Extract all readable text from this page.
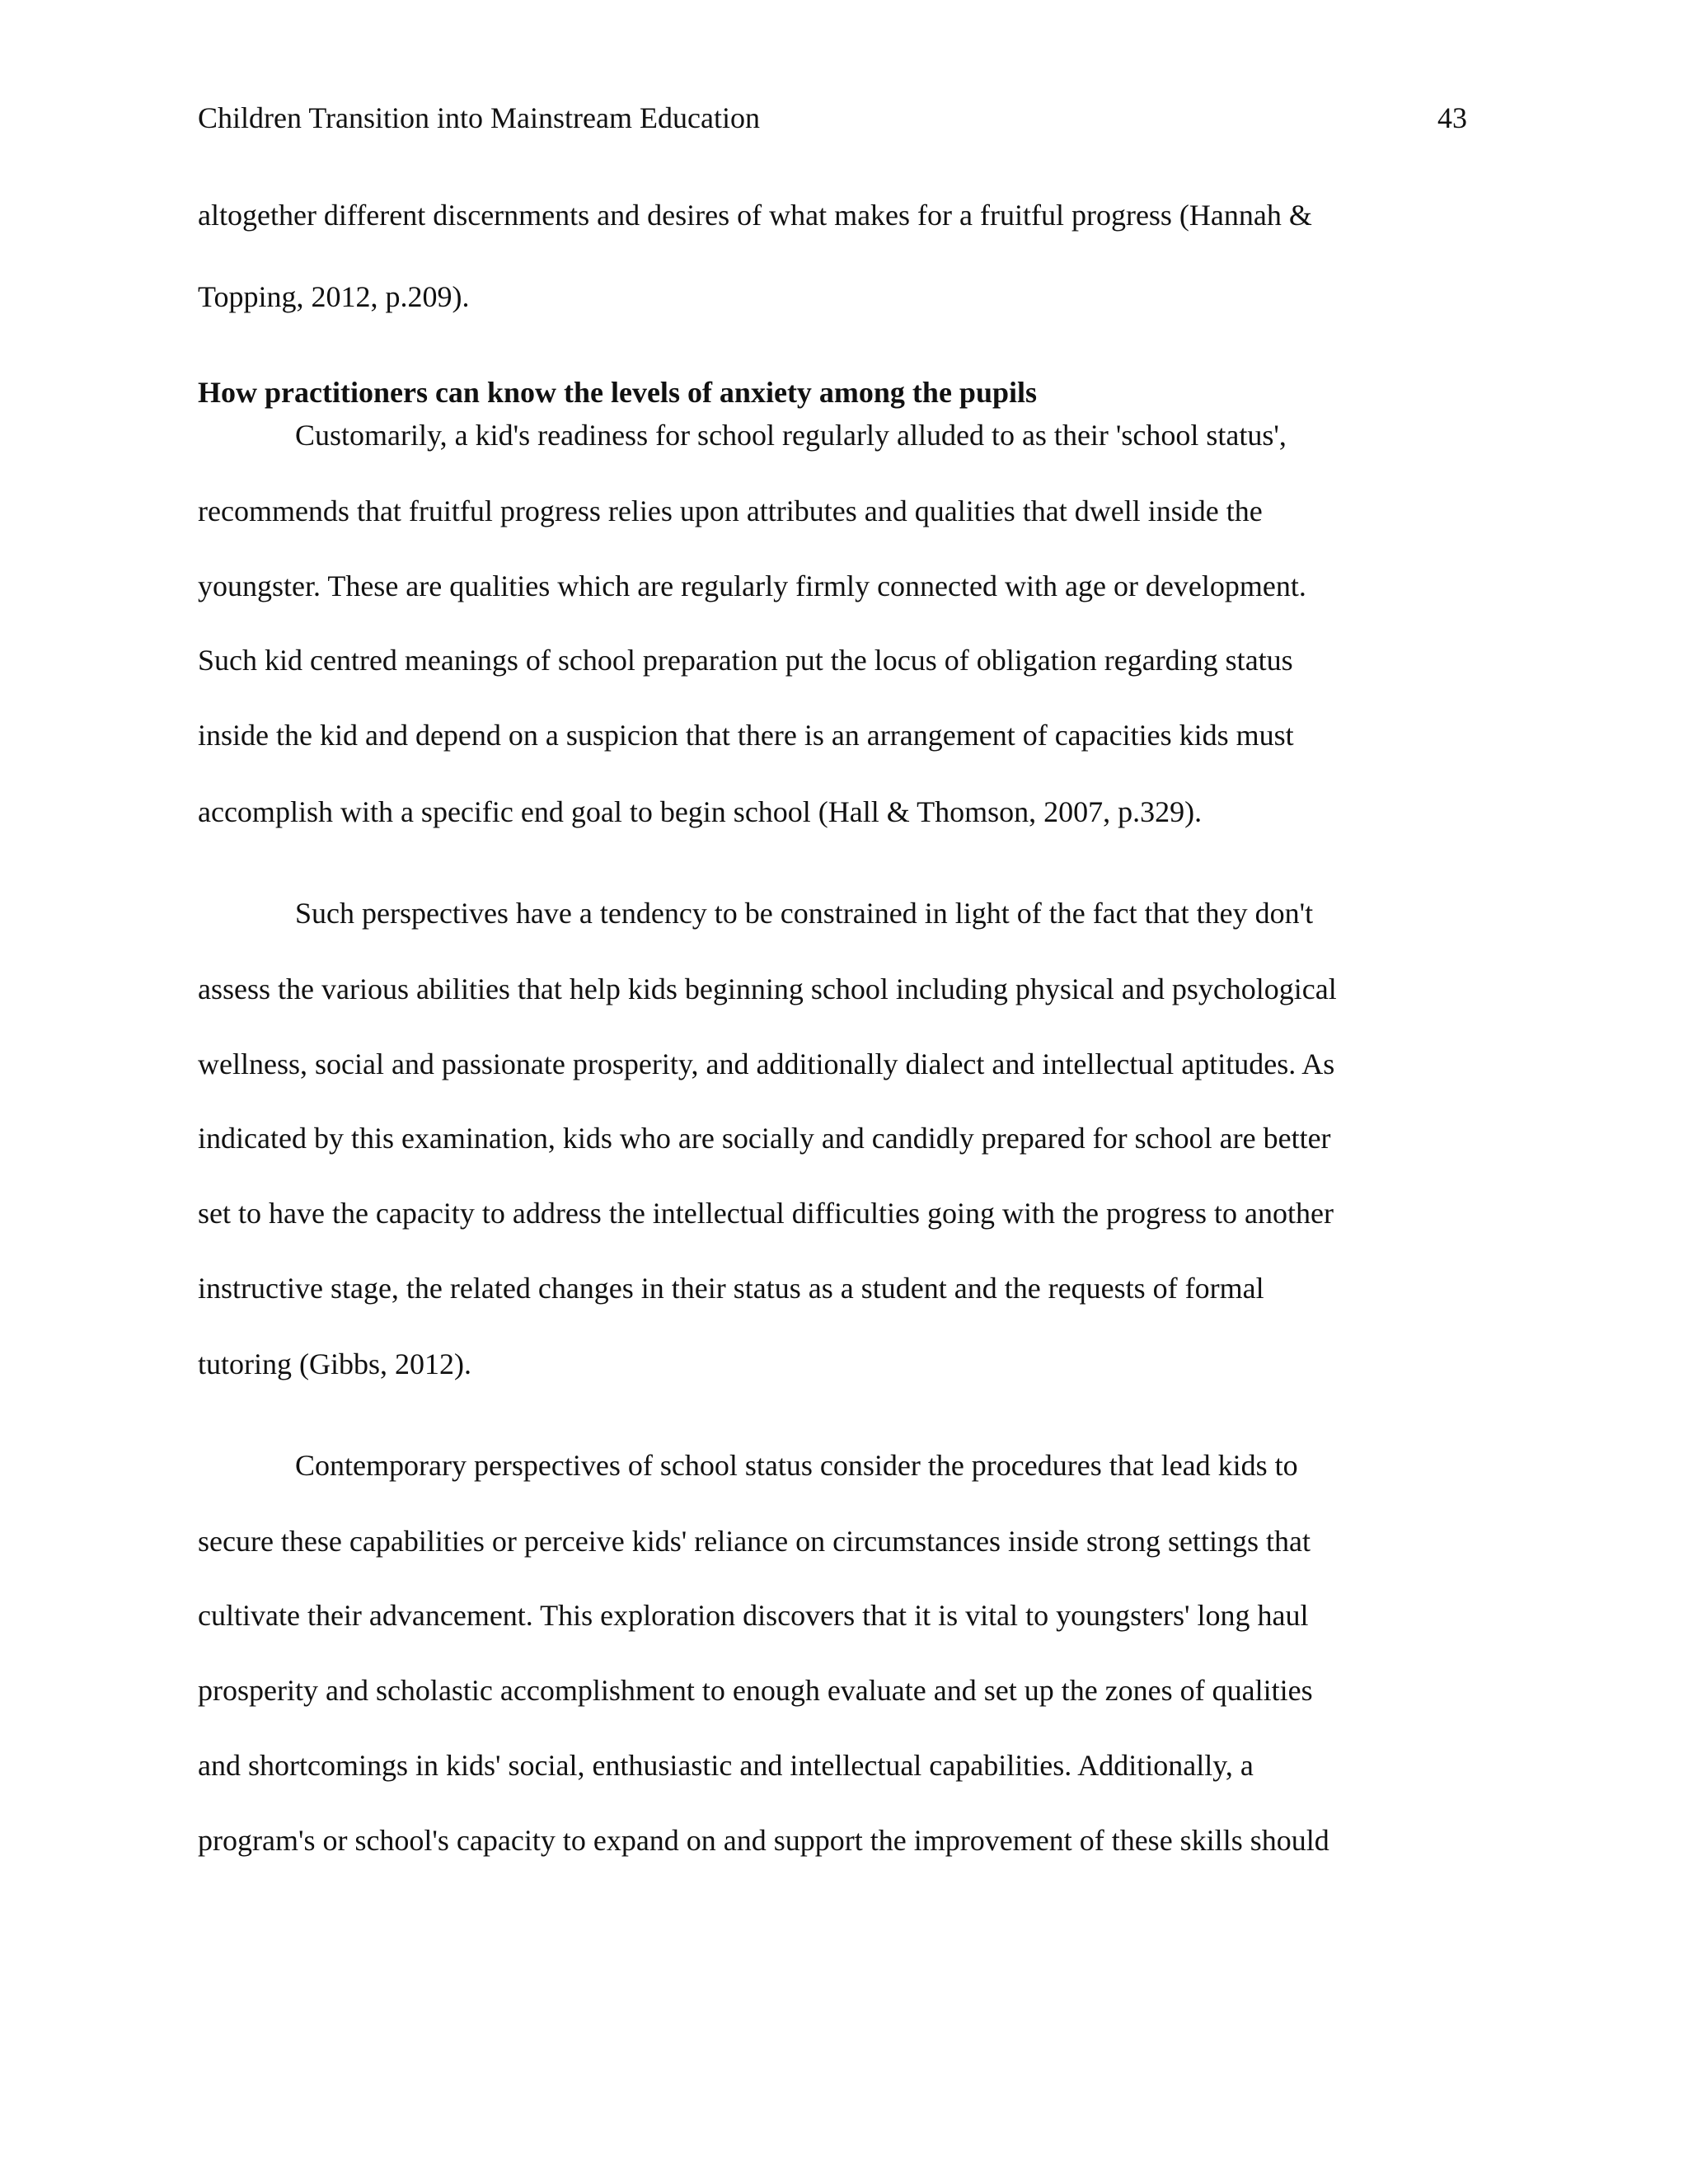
Children Transition into Mainstream Education	43
altogether different discernments and desires of what makes for a fruitful progress (Hannah &
Topping, 2012, p.209).
How practitioners can know the levels of anxiety among the pupils
Customarily, a kid's readiness for school regularly alluded to as their 'school status',
recommends that fruitful progress relies upon attributes and qualities that dwell inside the
youngster. These are qualities which are regularly firmly connected with age or development.
Such kid centred meanings of school preparation put the locus of obligation regarding status
inside the kid and depend on a suspicion that there is an arrangement of capacities kids must
accomplish with a specific end goal to begin school (Hall & Thomson, 2007, p.329).
Such perspectives have a tendency to be constrained in light of the fact that they don't
assess the various abilities that help kids beginning school including physical and psychological
wellness, social and passionate prosperity, and additionally dialect and intellectual aptitudes. As
indicated by this examination, kids who are socially and candidly prepared for school are better
set to have the capacity to address the intellectual difficulties going with the progress to another
instructive stage, the related changes in their status as a student and the requests of formal
tutoring (Gibbs, 2012).
Contemporary perspectives of school status consider the procedures that lead kids to
secure these capabilities or perceive kids' reliance on circumstances inside strong settings that
cultivate their advancement. This exploration discovers that it is vital to youngsters' long haul
prosperity and scholastic accomplishment to enough evaluate and set up the zones of qualities
and shortcomings in kids' social, enthusiastic and intellectual capabilities. Additionally, a
program's or school's capacity to expand on and support the improvement of these skills should
